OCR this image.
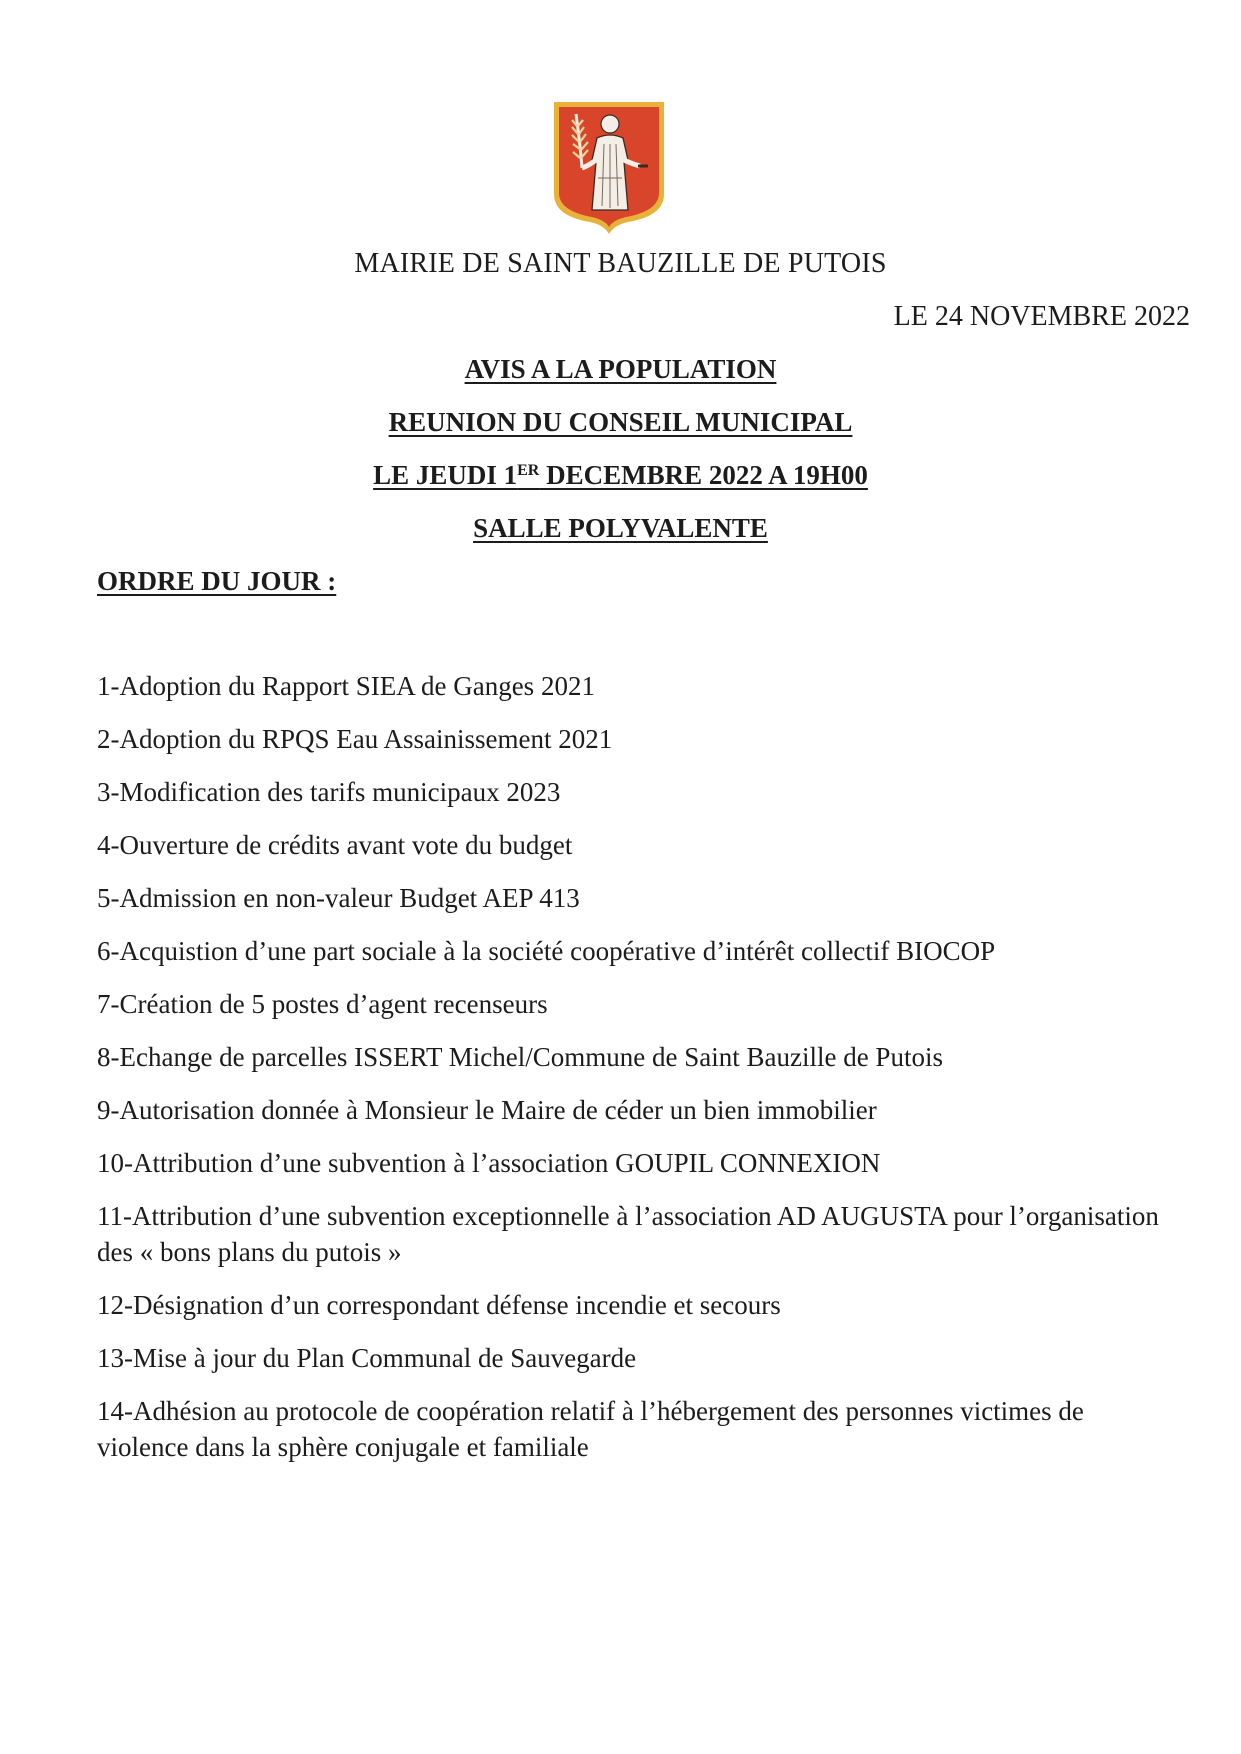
MAIRIE DE SAINT BAUZILLE DE PUTOIS
LE 24 NOVEMBRE 2022
AVIS A LA POPULATION
REUNION DU CONSEIL MUNICIPAL
LE JEUDI 1ER DECEMBRE 2022 A 19H00
SALLE POLYVALENTE
ORDRE DU JOUR :
1-Adoption du Rapport SIEA de Ganges 2021
2-Adoption du RPQS Eau Assainissement 2021
3-Modification des tarifs municipaux 2023
4-Ouverture de crédits avant vote du budget
5-Admission en non-valeur Budget AEP 413
6-Acquistion d’une part sociale à la société coopérative d’intérêt collectif BIOCOP
7-Création de 5 postes d’agent recenseurs
8-Echange de parcelles ISSERT Michel/Commune de Saint Bauzille de Putois
9-Autorisation donnée à Monsieur le Maire de céder un bien immobilier
10-Attribution d’une subvention à l’association GOUPIL CONNEXION
11-Attribution d’une subvention exceptionnelle à l’association AD AUGUSTA pour l’organisation des « bons plans du putois »
12-Désignation d’un correspondant défense incendie et secours
13-Mise à jour du Plan Communal de Sauvegarde
14-Adhésion au protocole de coopération relatif à l’hébergement des personnes victimes de violence dans la sphère conjugale et familiale
